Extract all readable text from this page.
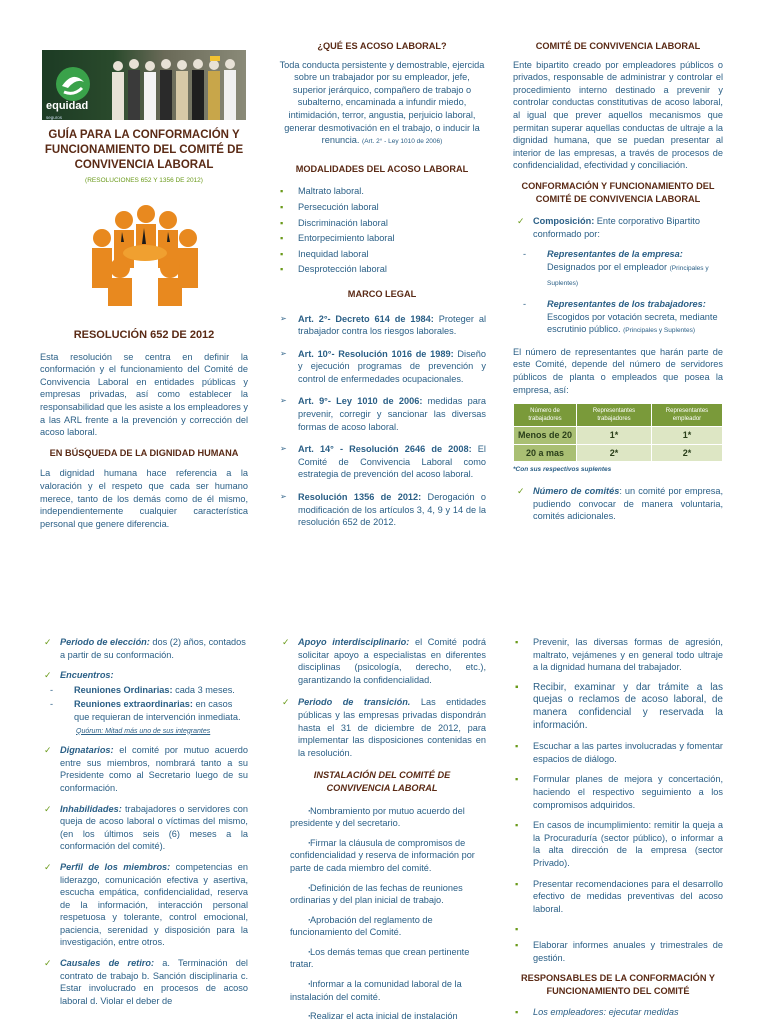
equidad
seguros
GUÍA PARA LA CONFORMACIÓN Y FUNCIONAMIENTO DEL COMITÉ DE CONVIVENCIA LABORAL
(RESOLUCIONES 652 Y 1356 DE 2012)
RESOLUCIÓN 652 DE 2012

Esta resolución se centra en definir la conformación y el funcionamiento del Comité de Convivencia Laboral en entidades públicas y empresas privadas, así como establecer la responsabilidad que les asiste a los empleadores y a las ARL frente a la prevención y corrección del acoso laboral.

EN BÚSQUEDA DE LA DIGNIDAD HUMANA

La dignidad humana hace referencia a la valoración y el respeto que cada ser humano merece, tanto de los demás como de él mismo, independientemente cualquier característica personal que genere diferencia.

¿QUÉ ES ACOSO LABORAL?

Toda conducta persistente y demostrable, ejercida sobre un trabajador por su empleador, jefe, superior jerárquico, compañero de trabajo o subalterno, encaminada a infundir miedo, intimidación, terror, angustia, perjuicio laboral, generar desmotivación en el trabajo, o inducir la renuncia. (Art. 2° - Ley 1010 de 2006)

MODALIDADES DEL ACOSO LABORAL
▪ Maltrato laboral.
▪ Persecución laboral
▪ Discriminación laboral
▪ Entorpecimiento laboral
▪ Inequidad laboral
▪ Desprotección laboral
MARCO LEGAL
➢ Art. 2°- Decreto 614 de 1984: Proteger al trabajador contra los riesgos laborales.
➢ Art. 10°- Resolución 1016 de 1989: Diseño y ejecución programas de prevención y control de enfermedades ocupacionales.
➢ Art. 9°- Ley 1010 de 2006: medidas para prevenir, corregir y sancionar las diversas formas de acoso laboral.
➢ Art. 14° - Resolución 2646 de 2008: El Comité de Convivencia Laboral como estrategia de prevención del acoso laboral.
➢ Resolución 1356 de 2012: Derogación o modificación de los artículos 3, 4, 9 y 14 de la resolución 652 de 2012.
COMITÉ DE CONVIVENCIA LABORAL

Ente bipartito creado por empleadores públicos o privados, responsable de administrar y controlar el procedimiento interno destinado a prevenir y controlar conductas constitutivas de acoso laboral, al igual que prever aquellos mecanismos que permitan superar aquellas conductas de ultraje a la dignidad humana, que se puedan presentar al interior de las empresas, a través de procesos de confidencialidad, efectividad y conciliación.

CONFORMACIÓN Y FUNCIONAMIENTO DEL COMITÉ DE CONVIVENCIA LABORAL
✓ Composición: Ente corporativo Bipartito conformado por:
- Representantes de la empresa: Designados por el empleador (Principales y Suplentes)
- Representantes de los trabajadores: Escogidos por votación secreta, mediante escrutinio público. (Principales y Suplentes)

El número de representantes que harán parte de este Comité, depende del número de servidores públicos de planta o empleados que posea la empresa, así:

Número de trabajadores	Representantes trabajadores	Representantes empleador
Menos de 20	1*	1*
20 a mas	2*	2*
*Con sus respectivos suplentes
✓ Número de comités: un comité por empresa, pudiendo convocar de manera voluntaria, comités adicionales.
✓ Periodo de elección: dos (2) años, contados a partir de su conformación.
✓ Encuentros:
- Reuniones Ordinarias: cada 3 meses.
- Reuniones extraordinarias: en casos que requieran de intervención inmediata.
Quórum: Mitad más uno de sus integrantes
✓ Dignatarios: el comité por mutuo acuerdo entre sus miembros, nombrará tanto a su Presidente como al Secretario luego de su conformación.
✓ Inhabilidades: trabajadores o servidores con queja de acoso laboral o víctimas del mismo, (en los últimos seis (6) meses a la conformación del comité).
✓ Perfil de los miembros: competencias en liderazgo, comunicación efectiva y asertiva, escucha empática, confidencialidad, reserva de la información, interacción personal respetuosa y tolerante, control emocional, paciencia, serenidad y disposición para la investigación, entre otros.
✓ Causales de retiro: a. Terminación del contrato de trabajo b. Sanción disciplinaria c. Estar involucrado en procesos de acoso laboral d. Violar el deber de
✓ Apoyo interdisciplinario: el Comité podrá solicitar apoyo a especialistas en diferentes disciplinas (psicología, derecho, etc.), garantizando la confidencialidad.
✓ Periodo de transición. Las entidades públicas y las empresas privadas dispondrán hasta el 31 de diciembre de 2012, para implementar las disposiciones contenidas en la resolución.
INSTALACIÓN DEL COMITÉ DE CONVIVENCIA LABORAL
· Nombramiento por mutuo acuerdo del presidente y del secretario.
· Firmar la cláusula de compromisos de confidencialidad y reserva de información por parte de cada miembro del comité.
· Definición de las fechas de reuniones ordinarias y del plan inicial de trabajo.
· Aprobación del reglamento de funcionamiento del Comité.
· Los demás temas que crean pertinente tratar.
· Informar a la comunidad laboral de la instalación del comité.
· Realizar el acta inicial de instalación
▪ Prevenir, las diversas formas de agresión, maltrato, vejámenes y en general todo ultraje a la dignidad humana del trabajador.
▪ Recibir, examinar y dar trámite a las quejas o reclamos de acoso laboral, de manera confidencial y reservada la información.
▪ Escuchar a las partes involucradas y fomentar espacios de diálogo.
▪ Formular planes de mejora y concertación, haciendo el respectivo seguimiento a los compromisos adquiridos.
▪ En casos de incumplimiento: remitir la queja a la Procuraduría (sector público), o informar a la alta dirección de la empresa (sector Privado).
▪ Presentar recomendaciones para el desarrollo efectivo de medidas preventivas del acoso laboral.
▪
▪ Elaborar informes anuales y trimestrales de gestión.
RESPONSABLES DE LA CONFORMACIÓN Y FUNCIONAMIENTO DEL COMITÉ
▪ Los empleadores: ejecutar medidas
